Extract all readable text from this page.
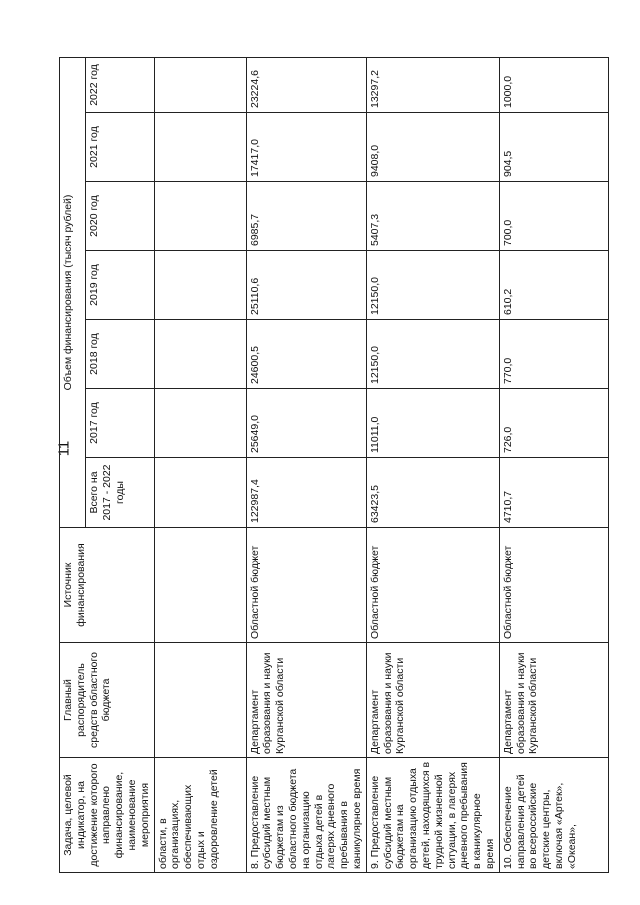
11
Задача, целевой индикатор, на достижение которого направлено финансирование, наименование мероприятия	Главный распорядитель средств областного бюджета	Источник финансирования	Объем финансирования (тысяч рублей)						
			Всего на 2017 - 2022 годы	2017 год	2018 год	2019 год	2020 год	2021 год	2022 год
области, в организациях, обеспечивающих отдых и оздоровление детей									
8. Предоставление субсидий местным бюджетам из областного бюджета на организацию отдыха детей в лагерях дневного пребывания в каникулярное время	Департамент образования и науки Курганской области	Областной бюджет	122987,4	25649,0	24600,5	25110,6	6985,7	17417,0	23224,6
9. Предоставление субсидий местным бюджетам на организацию отдыха детей, находящихся в трудной жизненной ситуации, в лагерях дневного пребывания в каникулярное время	Департамент образования и науки Курганской области	Областной бюджет	63423,5	11011,0	12150,0	12150,0	5407,3	9408,0	13297,2
10. Обеспечение направления детей во всероссийские детские центры, включая «Артек», «Океан»,	Департамент образования и науки Курганской области	Областной бюджет	4710,7	726,0	770,0	610,2	700,0	904,5	1000,0
